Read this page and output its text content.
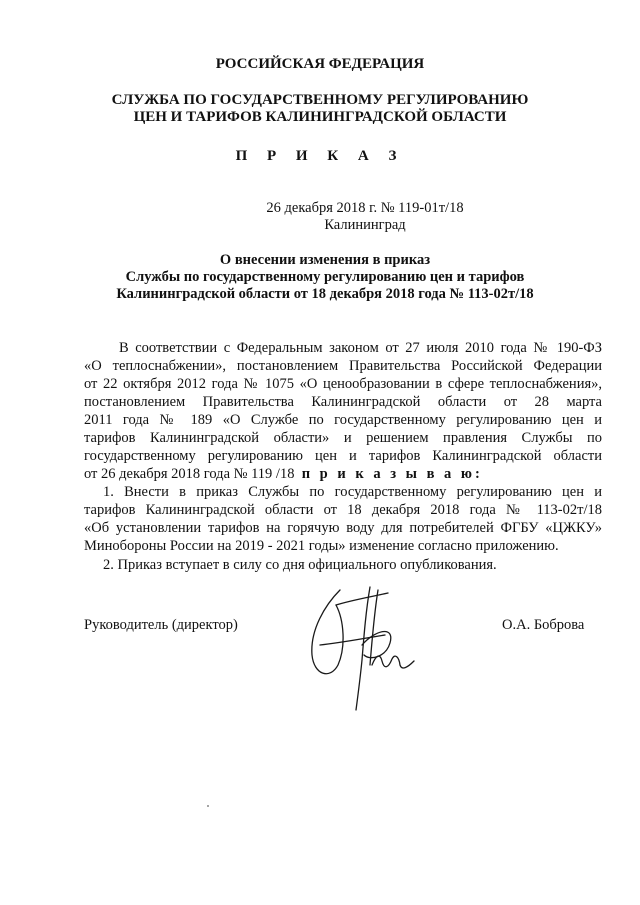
РОССИЙСКАЯ ФЕДЕРАЦИЯ
СЛУЖБА ПО ГОСУДАРСТВЕННОМУ РЕГУЛИРОВАНИЮ
ЦЕН И ТАРИФОВ КАЛИНИНГРАДСКОЙ ОБЛАСТИ
П Р И К А З
26 декабря 2018 г. № 119-01т/18
Калининград
О внесении изменения в приказ
Службы по государственному регулированию цен и тарифов
Калининградской области от 18 декабря 2018 года № 113-02т/18
В соответствии с Федеральным законом от 27 июля 2010 года № 190-ФЗ
«О теплоснабжении», постановлением Правительства Российской Федерации
от 22 октября 2012 года № 1075 «О ценообразовании в сфере теплоснабжения»,
постановлением Правительства Калининградской области от 28 марта
2011 года № 189 «О Службе по государственному регулированию цен и
тарифов Калининградской области» и решением правления Службы по
государственному регулированию цен и тарифов Калининградской области
от 26 декабря 2018 года № 119 /18 п р и к а з ы в а ю:
1. Внести в приказ Службы по государственному регулированию цен и
тарифов Калининградской области от 18 декабря 2018 года № 113-02т/18
«Об установлении тарифов на горячую воду для потребителей ФГБУ «ЦЖКУ»
Минобороны России на 2019 - 2021 годы» изменение согласно приложению.
2. Приказ вступает в силу со дня официального опубликования.
Руководитель (директор)	О.А. Боброва
